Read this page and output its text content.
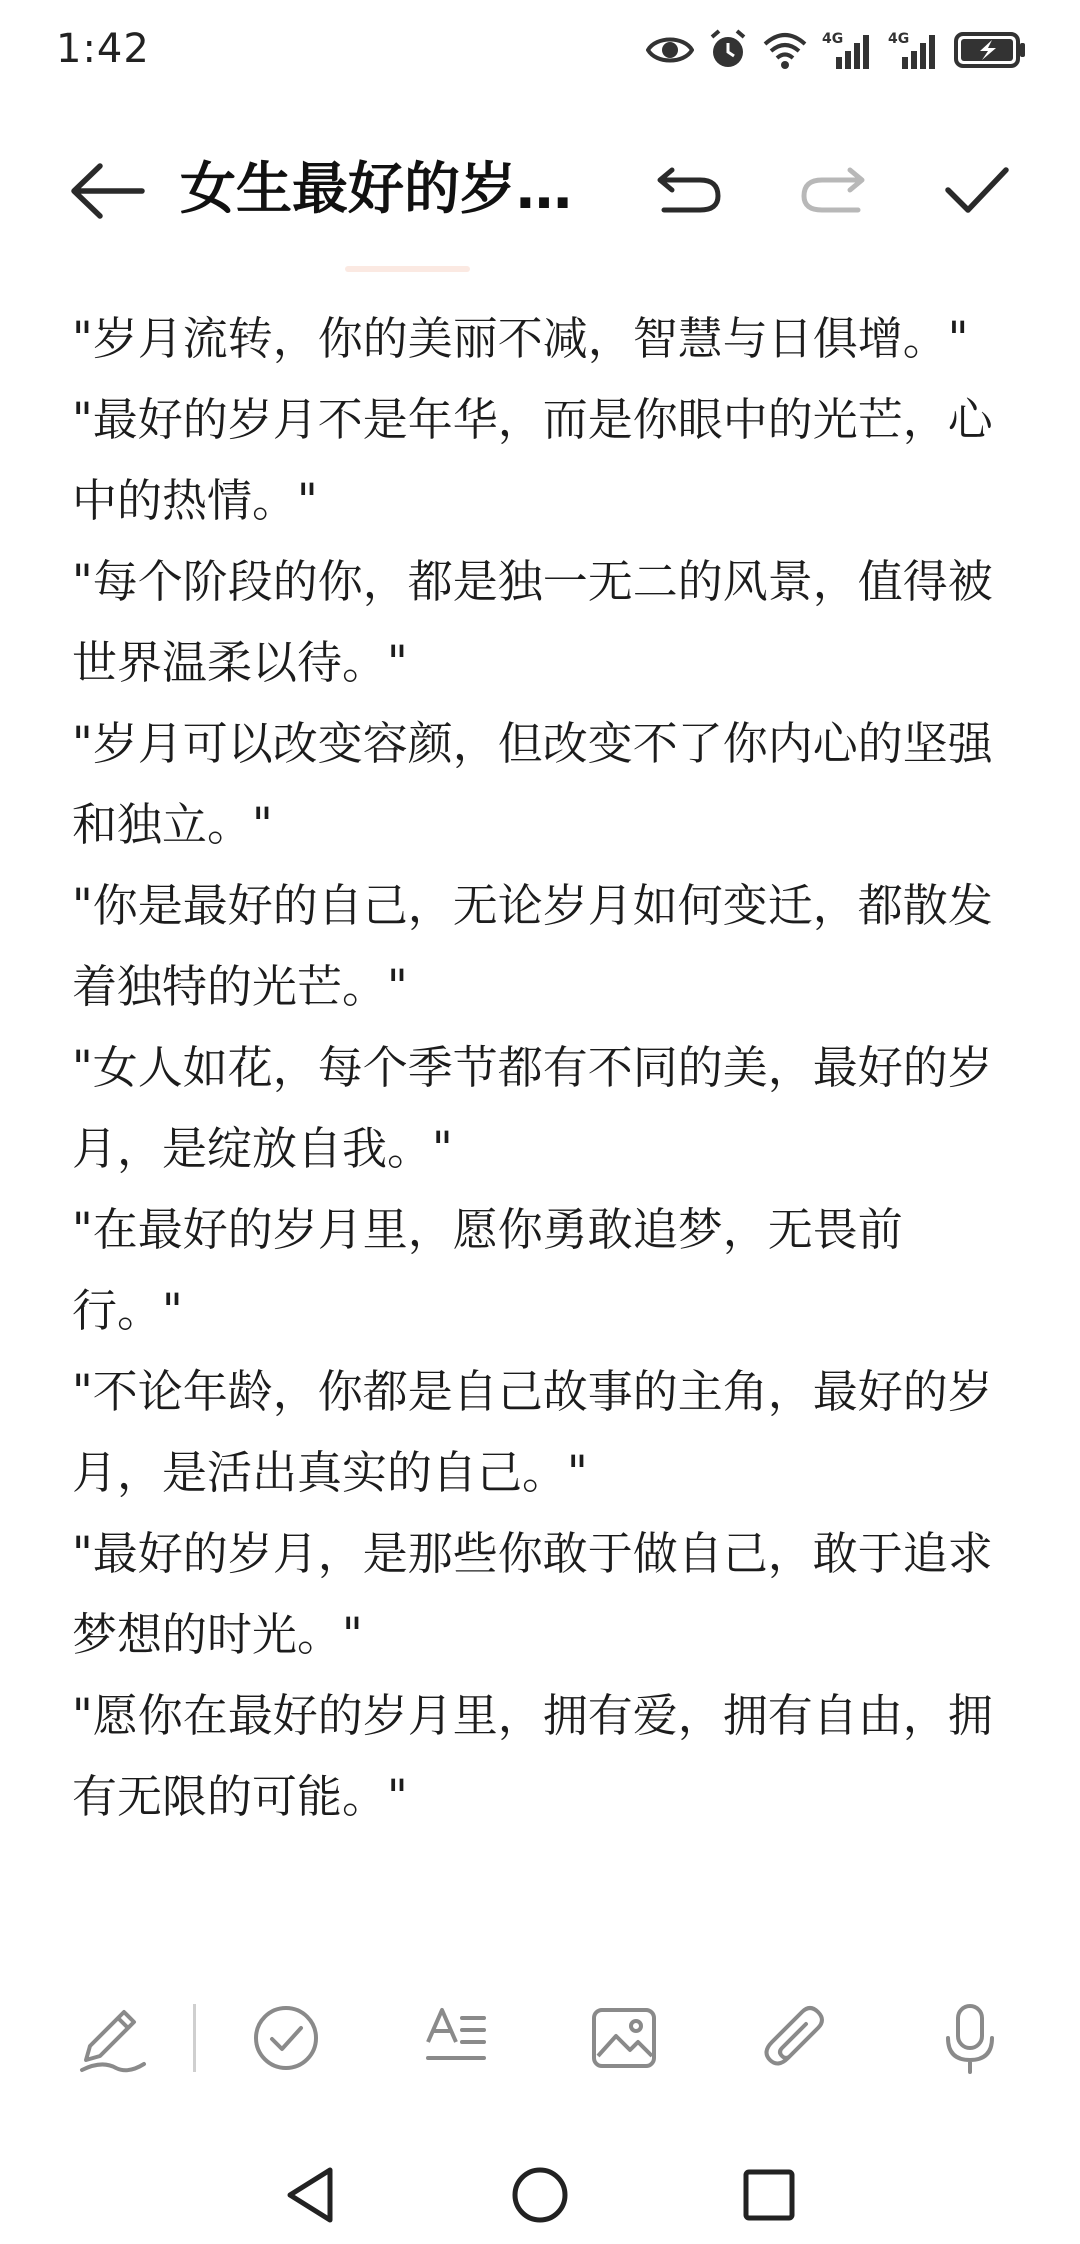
1:42	4G	4G
女生最好的岁…

"岁月流转，你的美丽不减，智慧与日俱增。"

"最好的岁月不是年华，而是你眼中的光芒，心中的热情。"

"每个阶段的你，都是独一无二的风景，值得被世界温柔以待。"

"岁月可以改变容颜，但改变不了你内心的坚强和独立。"

"你是最好的自己，无论岁月如何变迁，都散发着独特的光芒。"

"女人如花，每个季节都有不同的美，最好的岁月，是绽放自我。"

"在最好的岁月里，愿你勇敢追梦，无畏前行。"

"不论年龄，你都是自己故事的主角，最好的岁月，是活出真实的自己。"

"最好的岁月，是那些你敢于做自己，敢于追求梦想的时光。"

"愿你在最好的岁月里，拥有爱，拥有自由，拥有无限的可能。"
